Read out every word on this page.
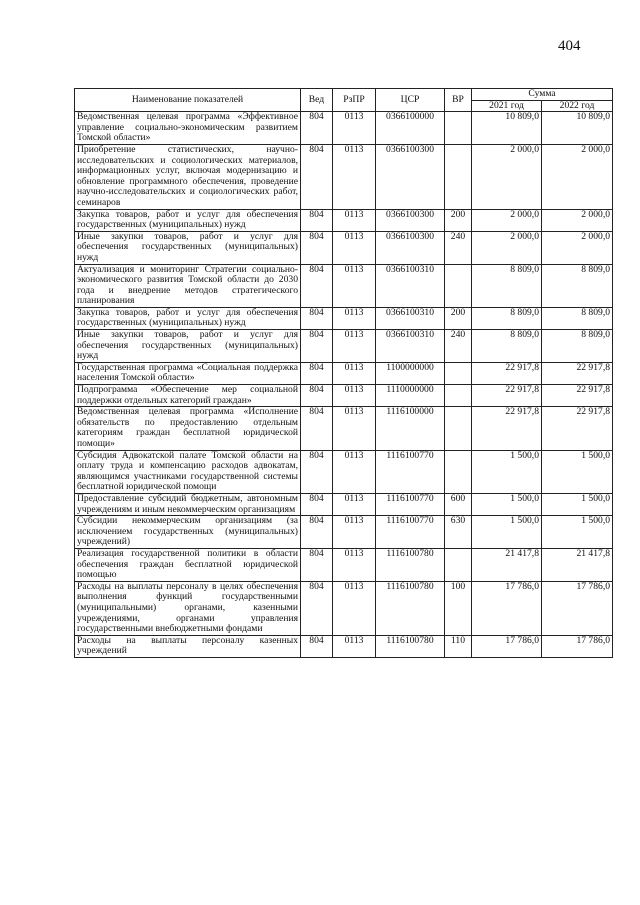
404
Наименование показателей	Вед	РзПР	ЦСР	ВР	Сумма	
					2021 год	2022 год
Ведомственная целевая программа «Эффективное управление социально-экономическим развитием Томской области»	804	0113	0366100000		10 809,0	10 809,0
Приобретение статистических, научно-исследовательских и социологических материалов, информационных услуг, включая модернизацию и обновление программного обеспечения, проведение научно-исследовательских и социологических работ, семинаров	804	0113	0366100300		2 000,0	2 000,0
Закупка товаров, работ и услуг для обеспечения государственных (муниципальных) нужд	804	0113	0366100300	200	2 000,0	2 000,0
Иные закупки товаров, работ и услуг для обеспечения государственных (муниципальных) нужд	804	0113	0366100300	240	2 000,0	2 000,0
Актуализация и мониторинг Стратегии социально-экономического развития Томской области до 2030 года и внедрение методов стратегического планирования	804	0113	0366100310		8 809,0	8 809,0
Закупка товаров, работ и услуг для обеспечения государственных (муниципальных) нужд	804	0113	0366100310	200	8 809,0	8 809,0
Иные закупки товаров, работ и услуг для обеспечения государственных (муниципальных) нужд	804	0113	0366100310	240	8 809,0	8 809,0
Государственная программа «Социальная поддержка населения Томской области»	804	0113	1100000000		22 917,8	22 917,8
Подпрограмма «Обеспечение мер социальной поддержки отдельных категорий граждан»	804	0113	1110000000		22 917,8	22 917,8
Ведомственная целевая программа «Исполнение обязательств по предоставлению отдельным категориям граждан бесплатной юридической помощи»	804	0113	1116100000		22 917,8	22 917,8
Субсидия Адвокатской палате Томской области на оплату труда и компенсацию расходов адвокатам, являющимся участниками государственной системы бесплатной юридической помощи	804	0113	1116100770		1 500,0	1 500,0
Предоставление субсидий бюджетным, автономным учреждениям и иным некоммерческим организациям	804	0113	1116100770	600	1 500,0	1 500,0
Субсидии некоммерческим организациям (за исключением государственных (муниципальных) учреждений)	804	0113	1116100770	630	1 500,0	1 500,0
Реализация государственной политики в области обеспечения граждан бесплатной юридической помощью	804	0113	1116100780		21 417,8	21 417,8
Расходы на выплаты персоналу в целях обеспечения выполнения функций государственными (муниципальными) органами, казенными учреждениями, органами управления государственными внебюджетными фондами	804	0113	1116100780	100	17 786,0	17 786,0
Расходы на выплаты персоналу казенных учреждений	804	0113	1116100780	110	17 786,0	17 786,0
